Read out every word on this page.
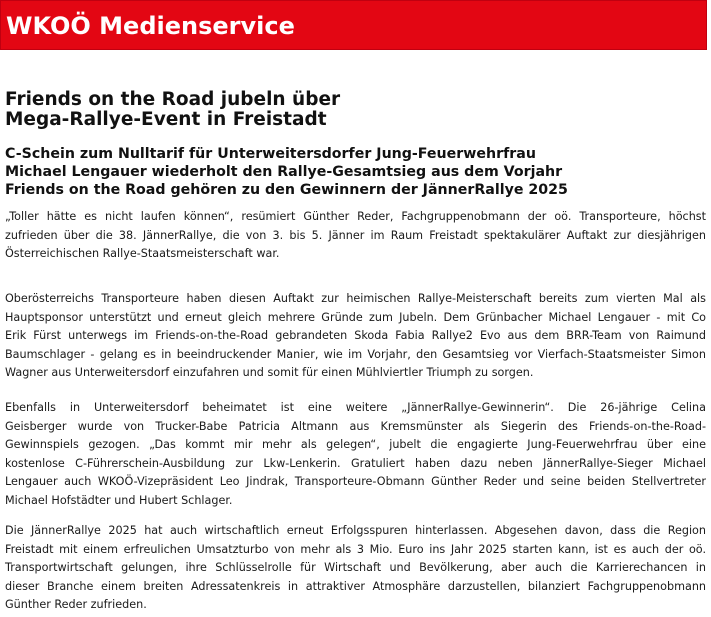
WKOÖ Medienservice
Friends on the Road jubeln über
Mega-Rallye-Event in Freistadt
C-Schein zum Nulltarif für Unterweitersdorfer Jung-Feuerwehrfrau
Michael Lengauer wiederholt den Rallye-Gesamtsieg aus dem Vorjahr
Friends on the Road gehören zu den Gewinnern der JännerRallye 2025

„Toller hätte es nicht laufen können“, resümiert Günther Reder, Fachgruppenobmann der oö. Transporteure, höchst
zufrieden über die 38. JännerRallye, die von 3. bis 5. Jänner im Raum Freistadt spektakulärer Auftakt zur diesjährigen
Österreichischen Rallye-Staatsmeisterschaft war.

Oberösterreichs Transporteure haben diesen Auftakt zur heimischen Rallye-Meisterschaft bereits zum vierten Mal als
Hauptsponsor unterstützt und erneut gleich mehrere Gründe zum Jubeln. Dem Grünbacher Michael Lengauer - mit Co
Erik Fürst unterwegs im Friends-on-the-Road gebrandeten Skoda Fabia Rallye2 Evo aus dem BRR-Team von Raimund
Baumschlager - gelang es in beeindruckender Manier, wie im Vorjahr, den Gesamtsieg vor Vierfach-Staatsmeister Simon
Wagner aus Unterweitersdorf einzufahren und somit für einen Mühlviertler Triumph zu sorgen.

Ebenfalls in Unterweitersdorf beheimatet ist eine weitere „JännerRallye-Gewinnerin“. Die 26-jährige Celina
Geisberger wurde von Trucker-Babe Patricia Altmann aus Kremsmünster als Siegerin des Friends-on-the-Road-
Gewinnspiels gezogen. „Das kommt mir mehr als gelegen“, jubelt die engagierte Jung-Feuerwehrfrau über eine
kostenlose C-Führerschein-Ausbildung zur Lkw-Lenkerin. Gratuliert haben dazu neben JännerRallye-Sieger Michael
Lengauer auch WKOÖ-Vizepräsident Leo Jindrak, Transporteure-Obmann Günther Reder und seine beiden Stellvertreter
Michael Hofstädter und Hubert Schlager.

Die JännerRallye 2025 hat auch wirtschaftlich erneut Erfolgsspuren hinterlassen. Abgesehen davon, dass die Region
Freistadt mit einem erfreulichen Umsatzturbo von mehr als 3 Mio. Euro ins Jahr 2025 starten kann, ist es auch der oö.
Transportwirtschaft gelungen, ihre Schlüsselrolle für Wirtschaft und Bevölkerung, aber auch die Karrierechancen in
dieser Branche einem breiten Adressatenkreis in attraktiver Atmosphäre darzustellen, bilanziert Fachgruppenobmann
Günther Reder zufrieden.
